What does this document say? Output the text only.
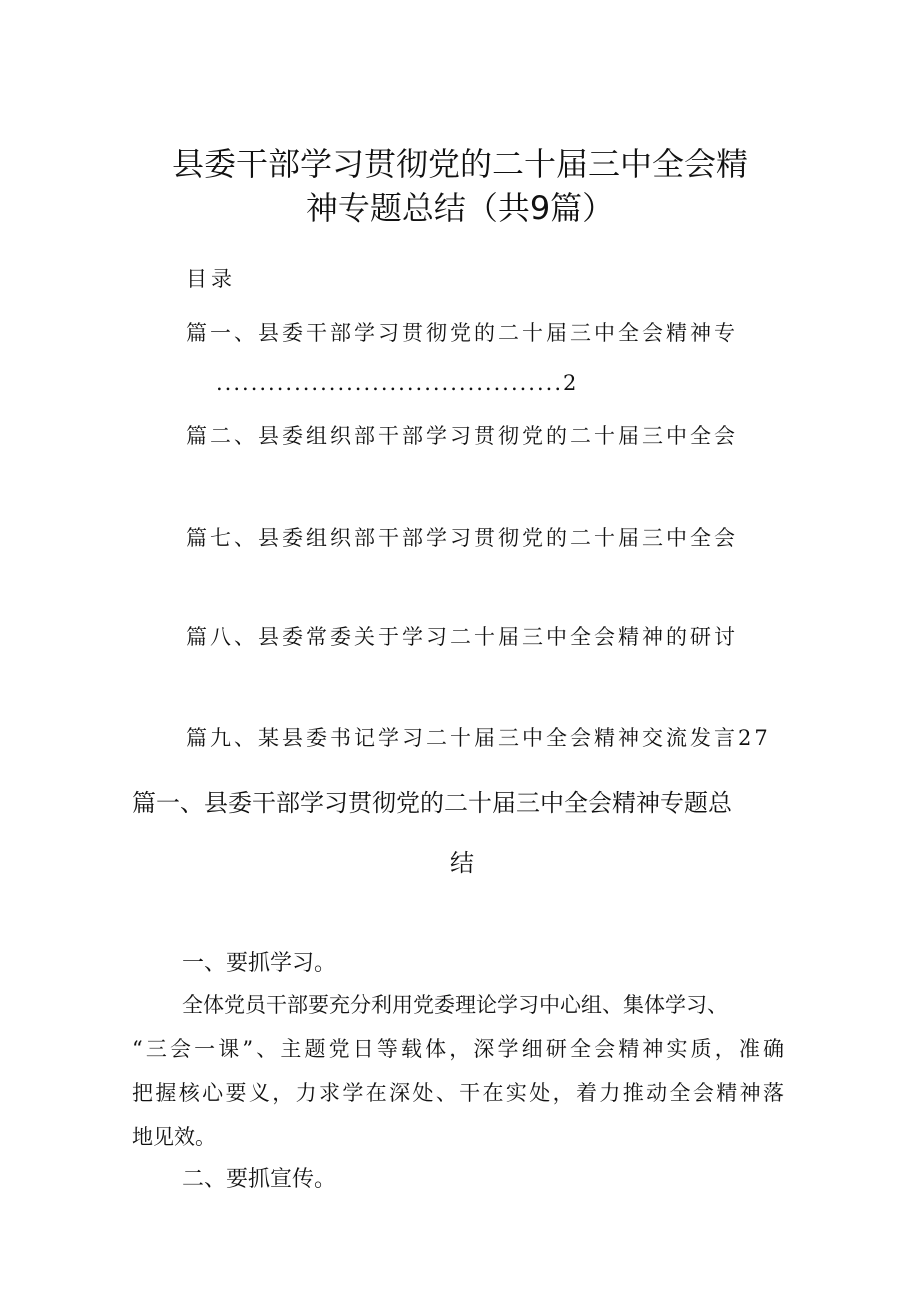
县委干部学习贯彻党的二十届三中全会精
神专题总结（共9篇）
目录
篇一、县委干部学习贯彻党的二十届三中全会精神专
........................................2
篇二、县委组织部干部学习贯彻党的二十届三中全会
篇七、县委组织部干部学习贯彻党的二十届三中全会
篇八、县委常委关于学习二十届三中全会精神的研讨
篇九、某县委书记学习二十届三中全会精神交流发言27
篇一、县委干部学习贯彻党的二十届三中全会精神专题总
结
一、要抓学习。
全体党员干部要充分利用党委理论学习中心组、集体学习、
“三会一课”、主题党日等载体，深学细研全会精神实质，准确
把握核心要义，力求学在深处、干在实处，着力推动全会精神落
地见效。
二、要抓宣传。
